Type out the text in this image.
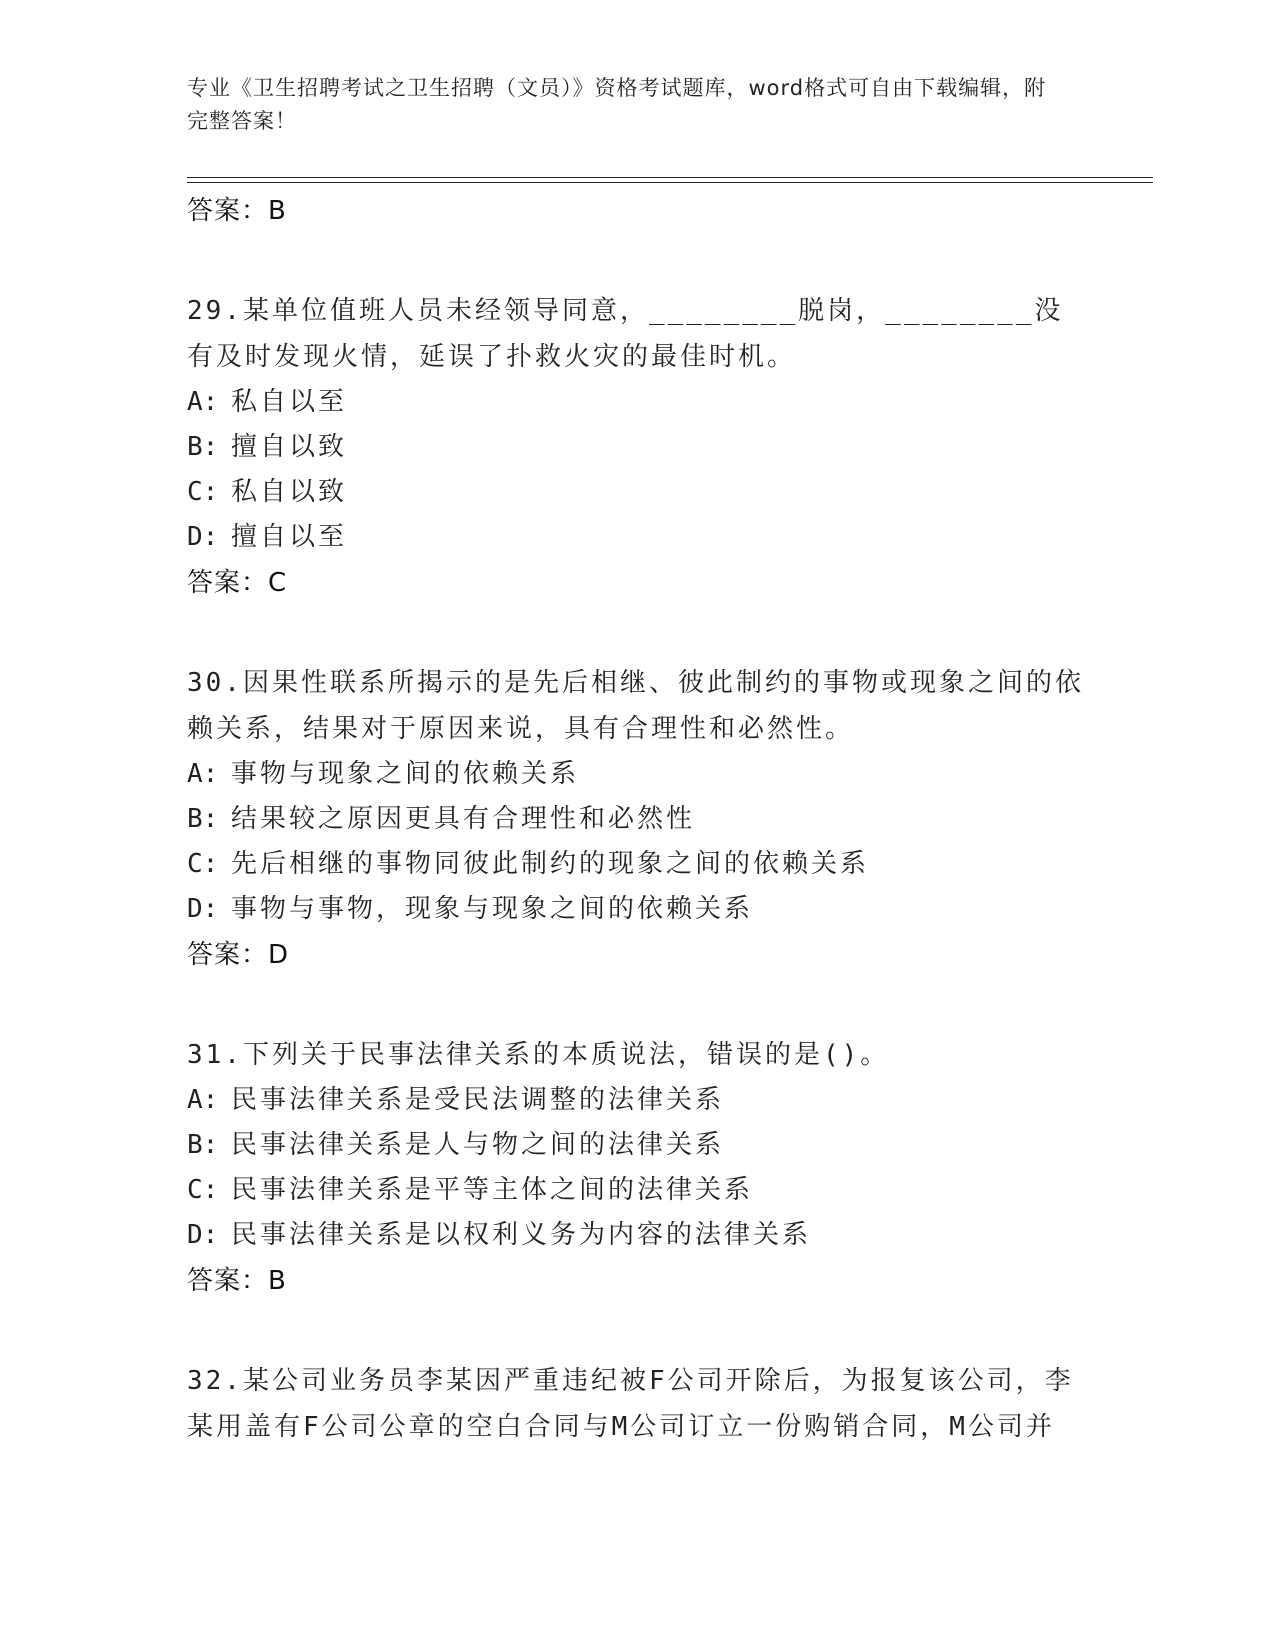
专业《卫生招聘考试之卫生招聘（文员）》资格考试题库，word格式可自由下载编辑，附完整答案！
答案：B
29.某单位值班人员未经领导同意，________脱岗，________没有及时发现火情，延误了扑救火灾的最佳时机。
A: 私自以至
B: 擅自以致
C: 私自以致
D: 擅自以至
答案：C
30.因果性联系所揭示的是先后相继、彼此制约的事物或现象之间的依赖关系，结果对于原因来说，具有合理性和必然性。
A: 事物与现象之间的依赖关系
B: 结果较之原因更具有合理性和必然性
C: 先后相继的事物同彼此制约的现象之间的依赖关系
D: 事物与事物，现象与现象之间的依赖关系
答案：D
31.下列关于民事法律关系的本质说法，错误的是()。
A: 民事法律关系是受民法调整的法律关系
B: 民事法律关系是人与物之间的法律关系
C: 民事法律关系是平等主体之间的法律关系
D: 民事法律关系是以权利义务为内容的法律关系
答案：B
32.某公司业务员李某因严重违纪被F公司开除后，为报复该公司，李某用盖有F公司公章的空白合同与M公司订立一份购销合同，M公司并
